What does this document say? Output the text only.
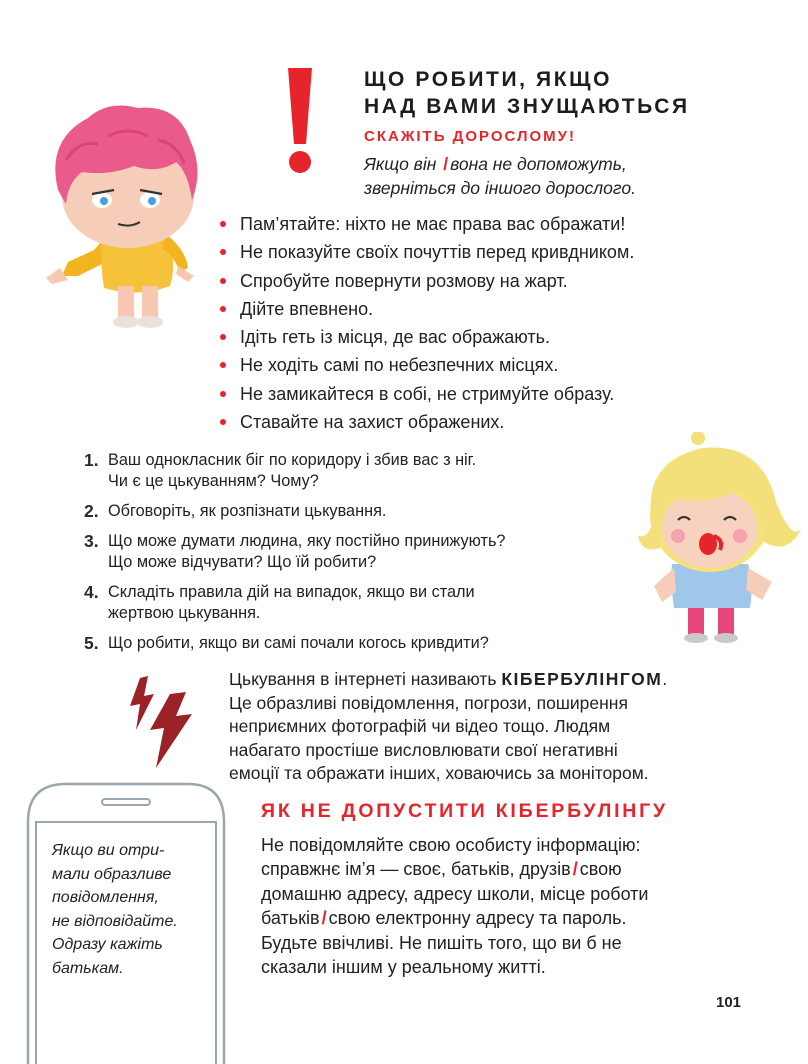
ЩО РОБИТИ, ЯКЩО
НАД ВАМИ ЗНУЩАЮТЬСЯ
СКАЖІТЬ ДОРОСЛОМУ!
Якщо він / вона не допоможуть,
зверніться до іншого дорослого.
Пам’ятайте: ніхто не має права вас ображати!
Не показуйте своїх почуттів перед кривдником.
Спробуйте повернути розмову на жарт.
Дійте впевнено.
Ідіть геть із місця, де вас ображають.
Не ходіть самі по небезпечних місцях.
Не замикайтеся в собі, не стримуйте образу.
Ставайте на захист ображених.
1. Ваш однокласник біг по коридору і збив вас з ніг.
Чи є це цькуванням? Чому?
2. Обговоріть, як розпізнати цькування.
3. Що може думати людина, яку постійно принижують?
Що може відчувати? Що їй робити?
4. Складіть правила дій на випадок, якщо ви стали
жертвою цькування.
5. Що робити, якщо ви самі почали когось кривдити?
Цькування в інтернеті називають КІБЕРБУЛІНГОМ.
Це образливі повідомлення, погрози, поширення
неприємних фотографій чи відео тощо. Людям
набагато простіше висловлювати свої негативні
емоції та ображати інших, ховаючись за монітором.
Якщо ви отри-
мали образливе
повідомлення,
не відповідайте.
Одразу кажіть
батькам.
ЯК НЕ ДОПУСТИТИ КІБЕРБУЛІНГУ
Не повідомляйте свою особисту інформацію:
справжнє ім’я — своє, батьків, друзів / свою
домашню адресу, адресу школи, місце роботи
батьків / свою електронну адресу та пароль.
Будьте ввічливі. Не пишіть того, що ви б не
сказали іншим у реальному житті.
101
